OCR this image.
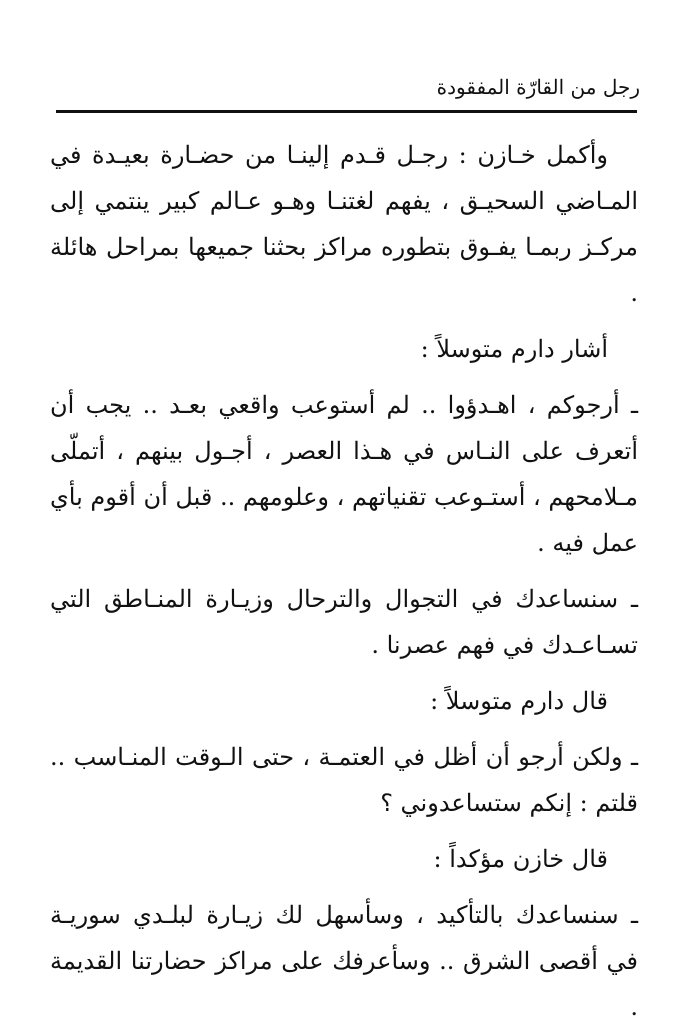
رجل من القارّة المفقودة

وأكمل خـازن : رجـل قـدم إلينـا من حضـارة بعيـدة في المـاضي السحيـق ، يفهم لغتنـا وهـو عـالم كبير ينتمي إلى مركـز ربمـا يفـوق بتطوره مراكز بحثنا جميعها بمراحل هائلة .

أشار دارم متوسلاً :

ـ أرجوكم ، اهـدؤوا .. لم أستوعب واقعي بعـد .. يجب أن أتعرف على النـاس في هـذا العصر ، أجـول بينهم ، أتملّى مـلامحهم ، أستـوعب تقنياتهم ، وعلومهم .. قبل أن أقوم بأي عمل فيه .

ـ سنساعدك في التجوال والترحال وزيـارة المنـاطق التي تسـاعـدك في فهم عصرنا .

قال دارم متوسلاً :

ـ ولكن أرجو أن أظل في العتمـة ، حتى الـوقت المنـاسب .. قلتم : إنكم ستساعدوني ؟

قال خازن مؤكداً :

ـ سنساعدك بالتأكيد ، وسأسهل لك زيـارة لبلـدي سوريـة في أقصى الشرق .. وسأعرفك على مراكز حضارتنا القديمة .
